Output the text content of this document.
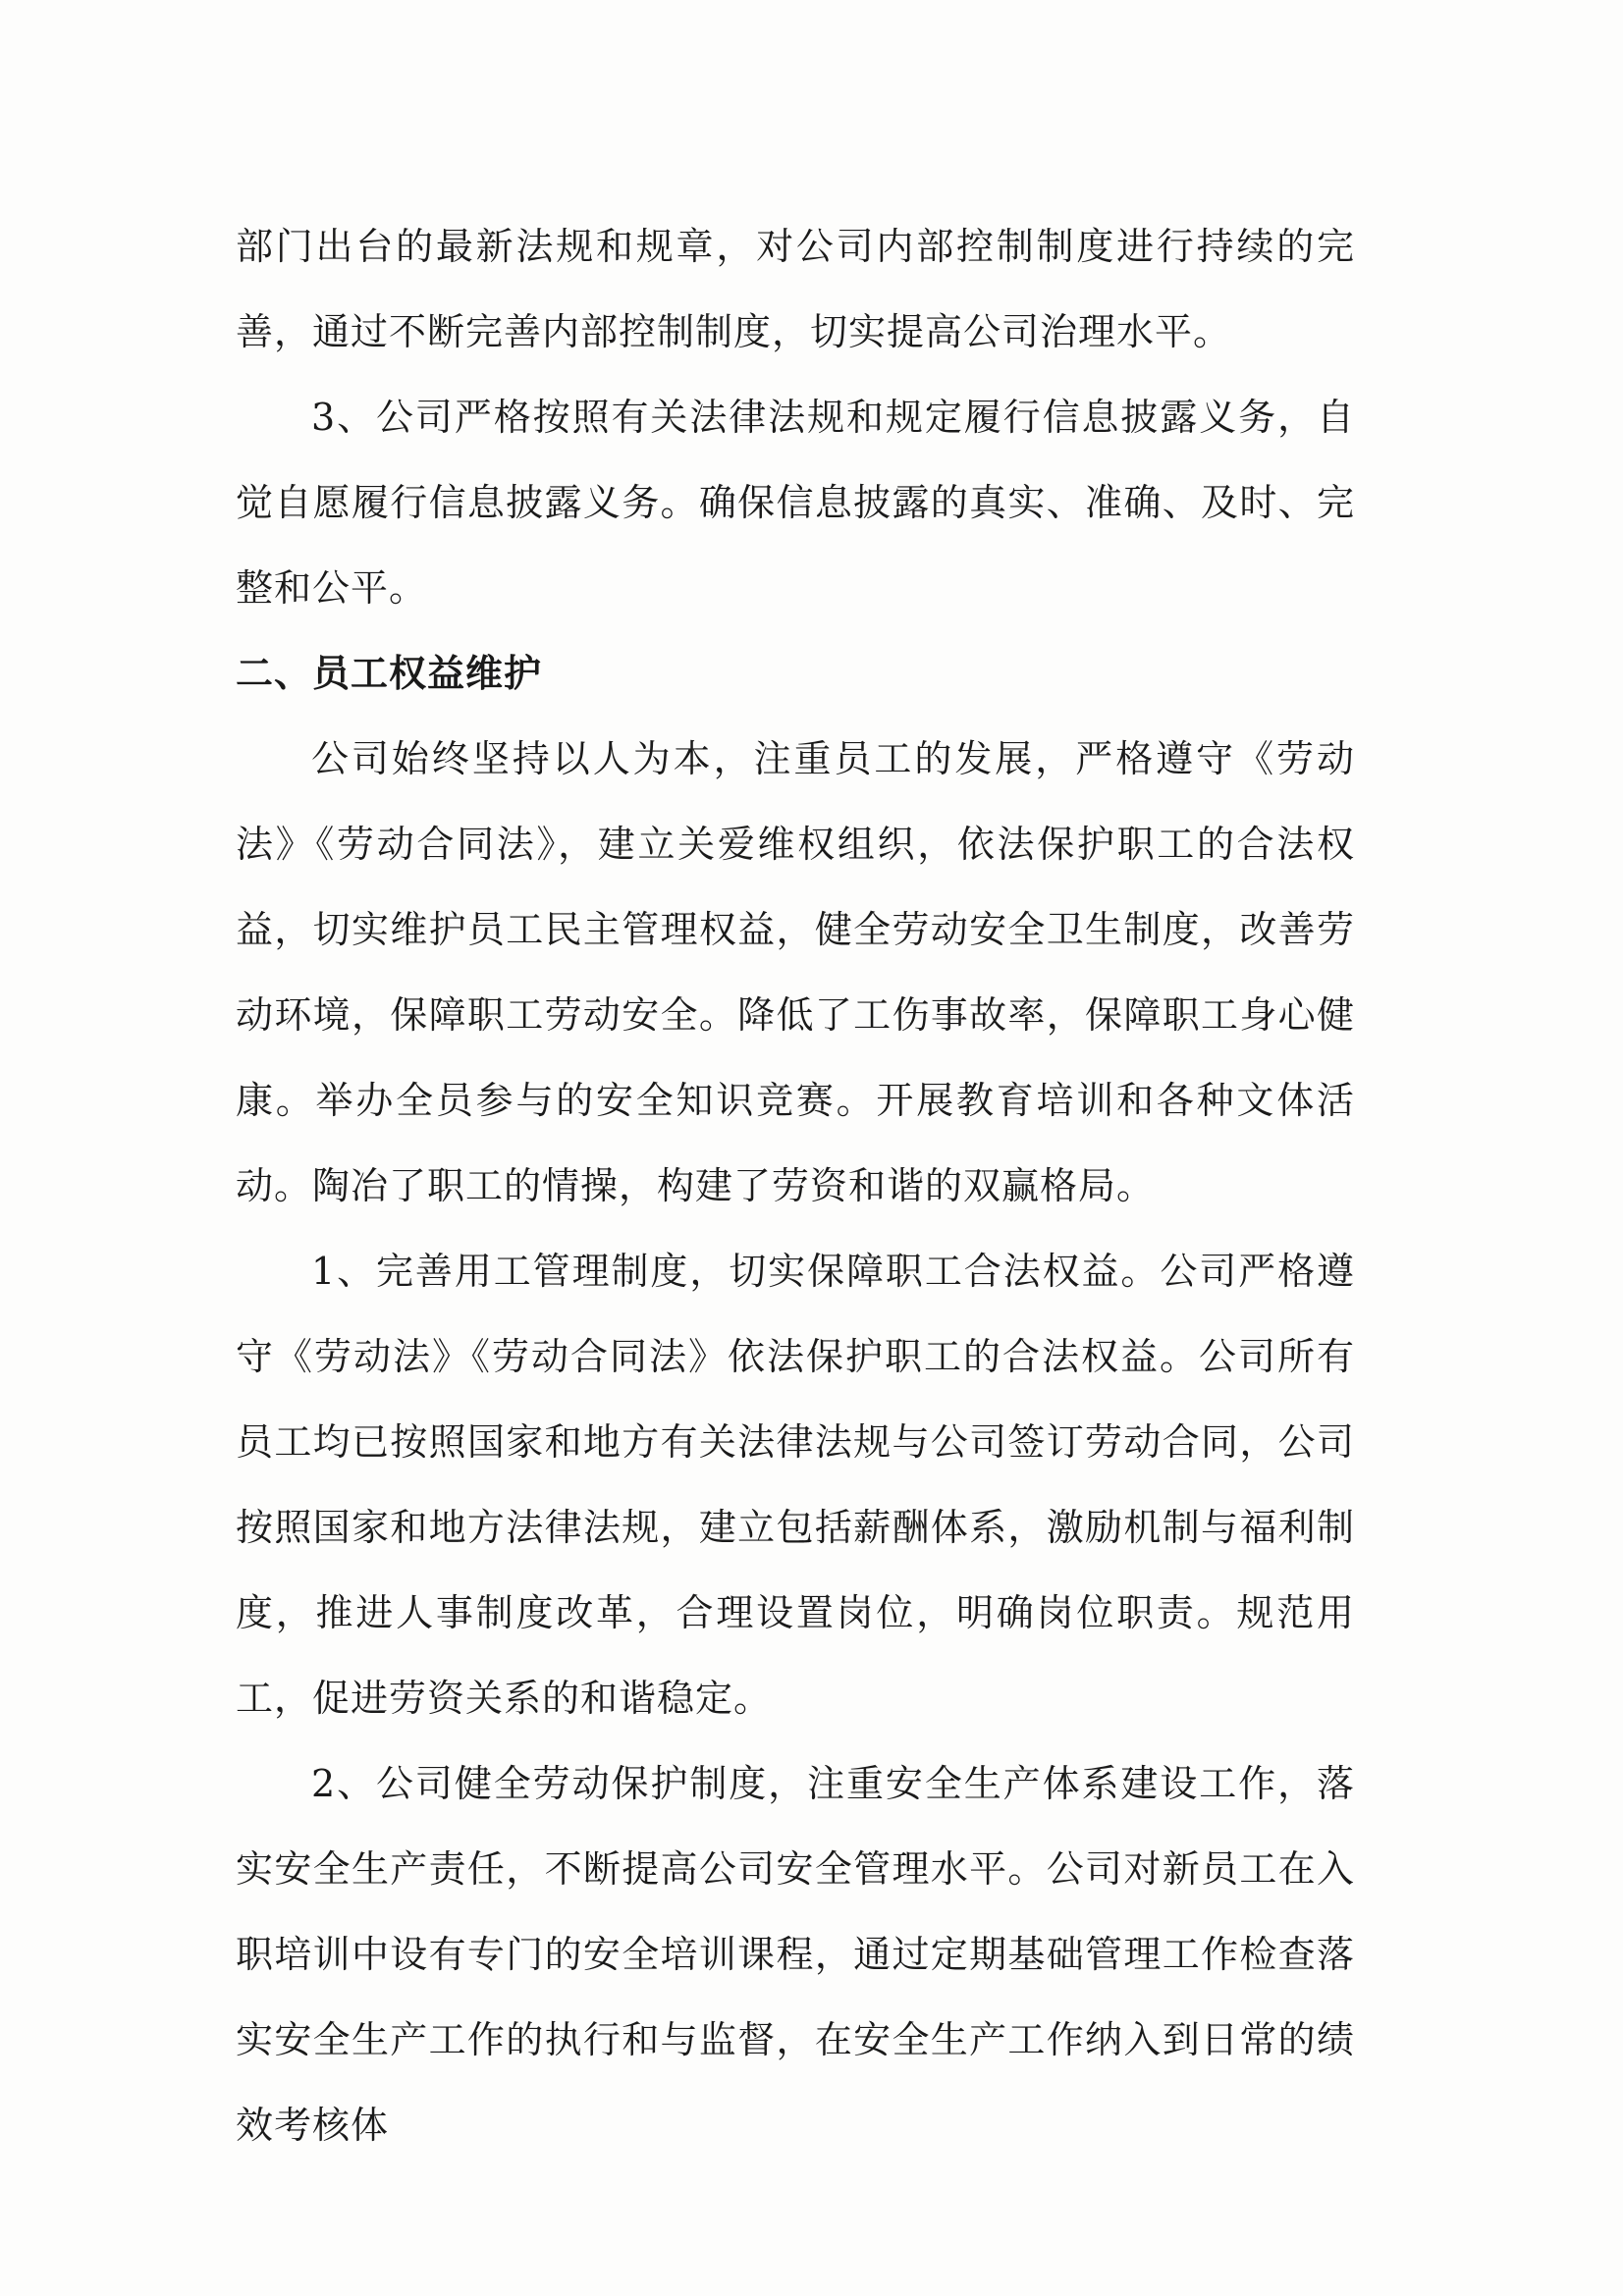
部门出台的最新法规和规章，对公司内部控制制度进行持续的完善，通过不断完善内部控制制度，切实提高公司治理水平。

3、公司严格按照有关法律法规和规定履行信息披露义务，自觉自愿履行信息披露义务。确保信息披露的真实、准确、及时、完整和公平。

二、员工权益维护

公司始终坚持以人为本，注重员工的发展，严格遵守《劳动法》《劳动合同法》，建立关爱维权组织，依法保护职工的合法权益，切实维护员工民主管理权益，健全劳动安全卫生制度，改善劳动环境，保障职工劳动安全。降低了工伤事故率，保障职工身心健康。举办全员参与的安全知识竞赛。开展教育培训和各种文体活动。陶冶了职工的情操，构建了劳资和谐的双赢格局。

1、完善用工管理制度，切实保障职工合法权益。公司严格遵守《劳动法》《劳动合同法》依法保护职工的合法权益。公司所有员工均已按照国家和地方有关法律法规与公司签订劳动合同，公司按照国家和地方法律法规，建立包括薪酬体系，激励机制与福利制度，推进人事制度改革，合理设置岗位，明确岗位职责。规范用工，促进劳资关系的和谐稳定。

2、公司健全劳动保护制度，注重安全生产体系建设工作，落实安全生产责任，不断提高公司安全管理水平。公司对新员工在入职培训中设有专门的安全培训课程，通过定期基础管理工作检查落实安全生产工作的执行和与监督，在安全生产工作纳入到日常的绩效考核体
